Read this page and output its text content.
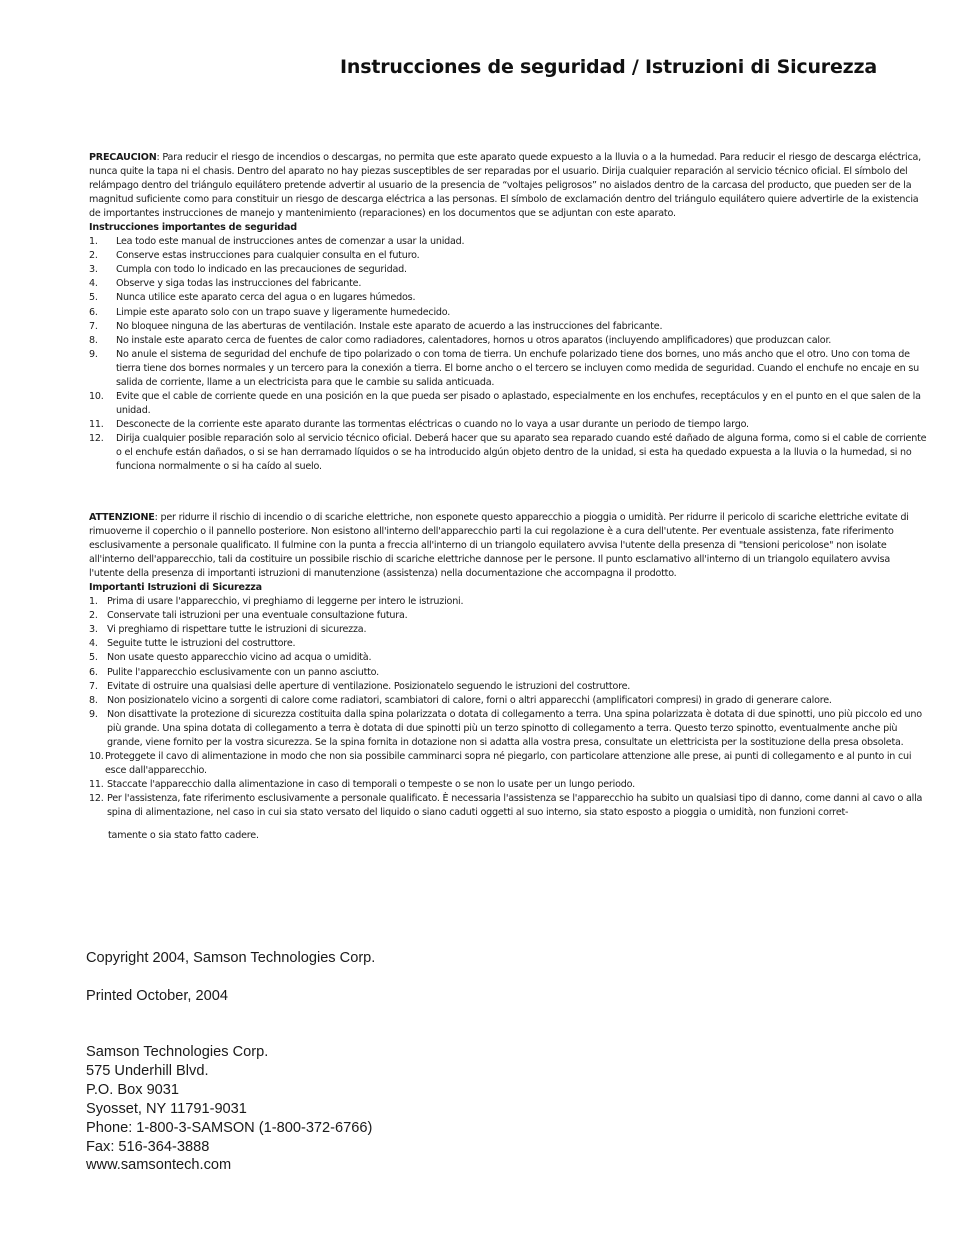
Instrucciones de seguridad / Istruzioni di Sicurezza

PRECAUCION: Para reducir el riesgo de incendios o descargas, no permita que este aparato quede expuesto a la lluvia o a la humedad. Para reducir el riesgo de descarga eléctrica, nunca quite la tapa ni el chasis. Dentro del aparato no hay piezas susceptibles de ser reparadas por el usuario. Dirija cualquier reparación al servicio técnico oficial. El símbolo del relámpago dentro del triángulo equilátero pretende advertir al usuario de la presencia de “voltajes peligrosos” no aislados dentro de la carcasa del producto, que pueden ser de la magnitud suficiente como para constituir un riesgo de descarga eléctrica a las personas. El símbolo de exclamación dentro del triángulo equilátero quiere advertirle de la existencia de importantes instrucciones de manejo y mantenimiento (reparaciones) en los documentos que se adjuntan con este aparato.

Instrucciones importantes de seguridad

1. Lea todo este manual de instrucciones antes de comenzar a usar la unidad.
2. Conserve estas instrucciones para cualquier consulta en el futuro.
3. Cumpla con todo lo indicado en las precauciones de seguridad.
4. Observe y siga todas las instrucciones del fabricante.
5. Nunca utilice este aparato cerca del agua o en lugares húmedos.
6. Limpie este aparato solo con un trapo suave y ligeramente humedecido.
7. No bloquee ninguna de las aberturas de ventilación. Instale este aparato de acuerdo a las instrucciones del fabricante.
8. No instale este aparato cerca de fuentes de calor como radiadores, calentadores, hornos u otros aparatos (incluyendo amplificadores) que produzcan calor.
9. No anule el sistema de seguridad del enchufe de tipo polarizado o con toma de tierra. Un enchufe polarizado tiene dos bornes, uno más ancho que el otro. Uno con toma de tierra tiene dos bornes normales y un tercero para la conexión a tierra. El borne ancho o el tercero se incluyen como medida de seguridad. Cuando el enchufe no encaje en su salida de corriente, llame a un electricista para que le cambie su salida anticuada.
10. Evite que el cable de corriente quede en una posición en la que pueda ser pisado o aplastado, especialmente en los enchufes, receptáculos y en el punto en el que salen de la unidad.
11. Desconecte de la corriente este aparato durante las tormentas eléctricas o cuando no lo vaya a usar durante un periodo de tiempo largo.
12. Dirija cualquier posible reparación solo al servicio técnico oficial. Deberá hacer que su aparato sea reparado cuando esté dañado de alguna forma, como si el cable de corriente o el enchufe están dañados, o si se han derramado líquidos o se ha introducido algún objeto dentro de la unidad, si esta ha quedado expuesta a la lluvia o la humedad, si no funciona normalmente o si ha caído al suelo.

ATTENZIONE: per ridurre il rischio di incendio o di scariche elettriche, non esponete questo apparecchio a pioggia o umidità. Per ridurre il pericolo di scariche elettriche evitate di rimuoverne il coperchio o il pannello posteriore. Non esistono all'interno dell'apparecchio parti la cui regolazione è a cura dell'utente. Per eventuale assistenza, fate riferimento esclusivamente a personale qualificato. Il fulmine con la punta a freccia all'interno di un triangolo equilatero avvisa l'utente della presenza di "tensioni pericolose" non isolate all'interno dell'apparecchio, tali da costituire un possibile rischio di scariche elettriche dannose per le persone. Il punto esclamativo all'interno di un triangolo equilatero avvisa l'utente della presenza di importanti istruzioni di manutenzione (assistenza) nella documentazione che accompagna il prodotto.

Importanti Istruzioni di Sicurezza

1. Prima di usare l'apparecchio, vi preghiamo di leggerne per intero le istruzioni.
2. Conservate tali istruzioni per una eventuale consultazione futura.
3. Vi preghiamo di rispettare tutte le istruzioni di sicurezza.
4. Seguite tutte le istruzioni del costruttore.
5. Non usate questo apparecchio vicino ad acqua o umidità.
6. Pulite l'apparecchio esclusivamente con un panno asciutto.
7. Evitate di ostruire una qualsiasi delle aperture di ventilazione. Posizionatelo seguendo le istruzioni del costruttore.
8. Non posizionatelo vicino a sorgenti di calore come radiatori, scambiatori di calore, forni o altri apparecchi (amplificatori compresi) in grado di generare calore.
9. Non disattivate la protezione di sicurezza costituita dalla spina polarizzata o dotata di collegamento a terra. Una spina polarizzata è dotata di due spinotti, uno più piccolo ed uno più grande. Una spina dotata di collegamento a terra è dotata di due spinotti più un terzo spinotto di collegamento a terra. Questo terzo spinotto, eventualmente anche più grande, viene fornito per la vostra sicurezza. Se la spina fornita in dotazione non si adatta alla vostra presa, consultate un elettricista per la sostituzione della presa obsoleta.
10. Proteggete il cavo di alimentazione in modo che non sia possibile camminarci sopra né piegarlo, con particolare attenzione alle prese, ai punti di collegamento e al punto in cui esce dall'apparecchio.
11. Staccate l'apparecchio dalla alimentazione in caso di temporali o tempeste o se non lo usate per un lungo periodo.
12. Per l'assistenza, fate riferimento esclusivamente a personale qualificato. È necessaria l'assistenza se l'apparecchio ha subito un qualsiasi tipo di danno, come danni al cavo o alla spina di alimentazione, nel caso in cui sia stato versato del liquido o siano caduti oggetti al suo interno, sia stato esposto a pioggia o umidità, non funzioni corret-

tamente o sia stato fatto cadere.

Copyright 2004, Samson Technologies Corp.
Printed October, 2004
Samson Technologies Corp.
575 Underhill Blvd.
P.O. Box 9031
Syosset, NY 11791-9031
Phone: 1-800-3-SAMSON (1-800-372-6766)
Fax: 516-364-3888
www.samsontech.com
